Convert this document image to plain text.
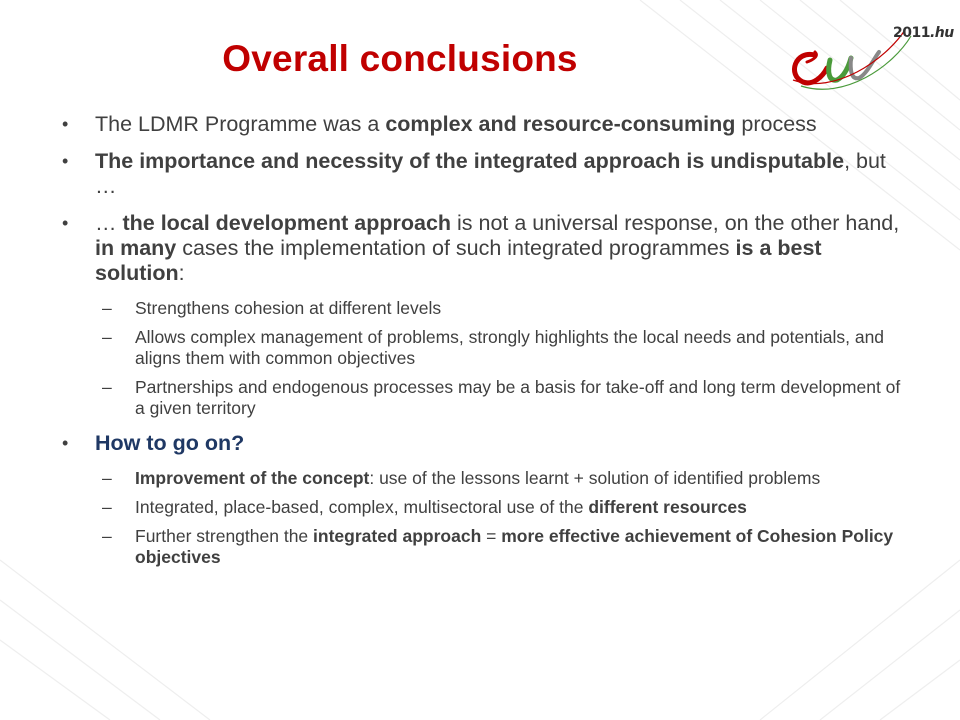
Overall conclusions
2011.hu
• The LDMR Programme was a complex and resource-consuming process
• The importance and necessity of the integrated approach is undisputable, but …
• … the local development approach is not a universal response, on the other hand, in many cases the implementation of such integrated programmes is a best solution:
– Strengthens cohesion at different levels
– Allows complex management of problems, strongly highlights the local needs and potentials, and aligns them with common objectives
– Partnerships and endogenous processes may be a basis for take-off and long term development of a given territory
• How to go on?
– Improvement of the concept: use of the lessons learnt + solution of identified problems
– Integrated, place-based, complex, multisectoral use of the different resources
– Further strengthen the integrated approach = more effective achievement of Cohesion Policy objectives
